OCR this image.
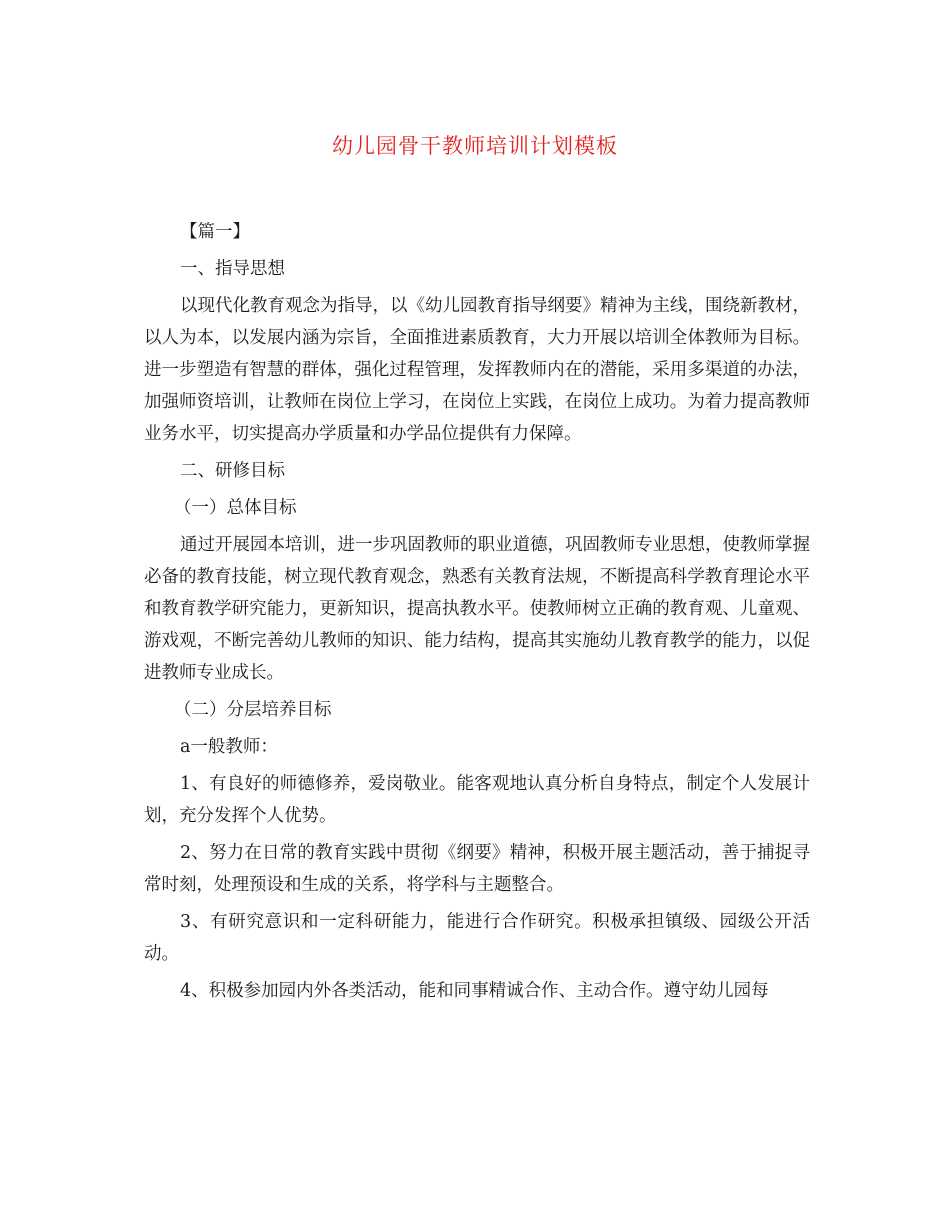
幼儿园骨干教师培训计划模板

【篇一】

一、指导思想

以现代化教育观念为指导，以《幼儿园教育指导纲要》精神为主线，围绕新教材，以人为本，以发展内涵为宗旨，全面推进素质教育，大力开展以培训全体教师为目标。进一步塑造有智慧的群体，强化过程管理，发挥教师内在的潜能，采用多渠道的办法，加强师资培训，让教师在岗位上学习，在岗位上实践，在岗位上成功。为着力提高教师业务水平，切实提高办学质量和办学品位提供有力保障。

二、研修目标

（一）总体目标

通过开展园本培训，进一步巩固教师的职业道德，巩固教师专业思想，使教师掌握必备的教育技能，树立现代教育观念，熟悉有关教育法规，不断提高科学教育理论水平和教育教学研究能力，更新知识，提高执教水平。使教师树立正确的教育观、儿童观、游戏观，不断完善幼儿教师的知识、能力结构，提高其实施幼儿教育教学的能力，以促进教师专业成长。

（二）分层培养目标

a一般教师：

1、有良好的师德修养，爱岗敬业。能客观地认真分析自身特点，制定个人发展计划，充分发挥个人优势。

2、努力在日常的教育实践中贯彻《纲要》精神，积极开展主题活动，善于捕捉寻常时刻，处理预设和生成的关系，将学科与主题整合。

3、有研究意识和一定科研能力，能进行合作研究。积极承担镇级、园级公开活动。

4、积极参加园内外各类活动，能和同事精诚合作、主动合作。遵守幼儿园每
